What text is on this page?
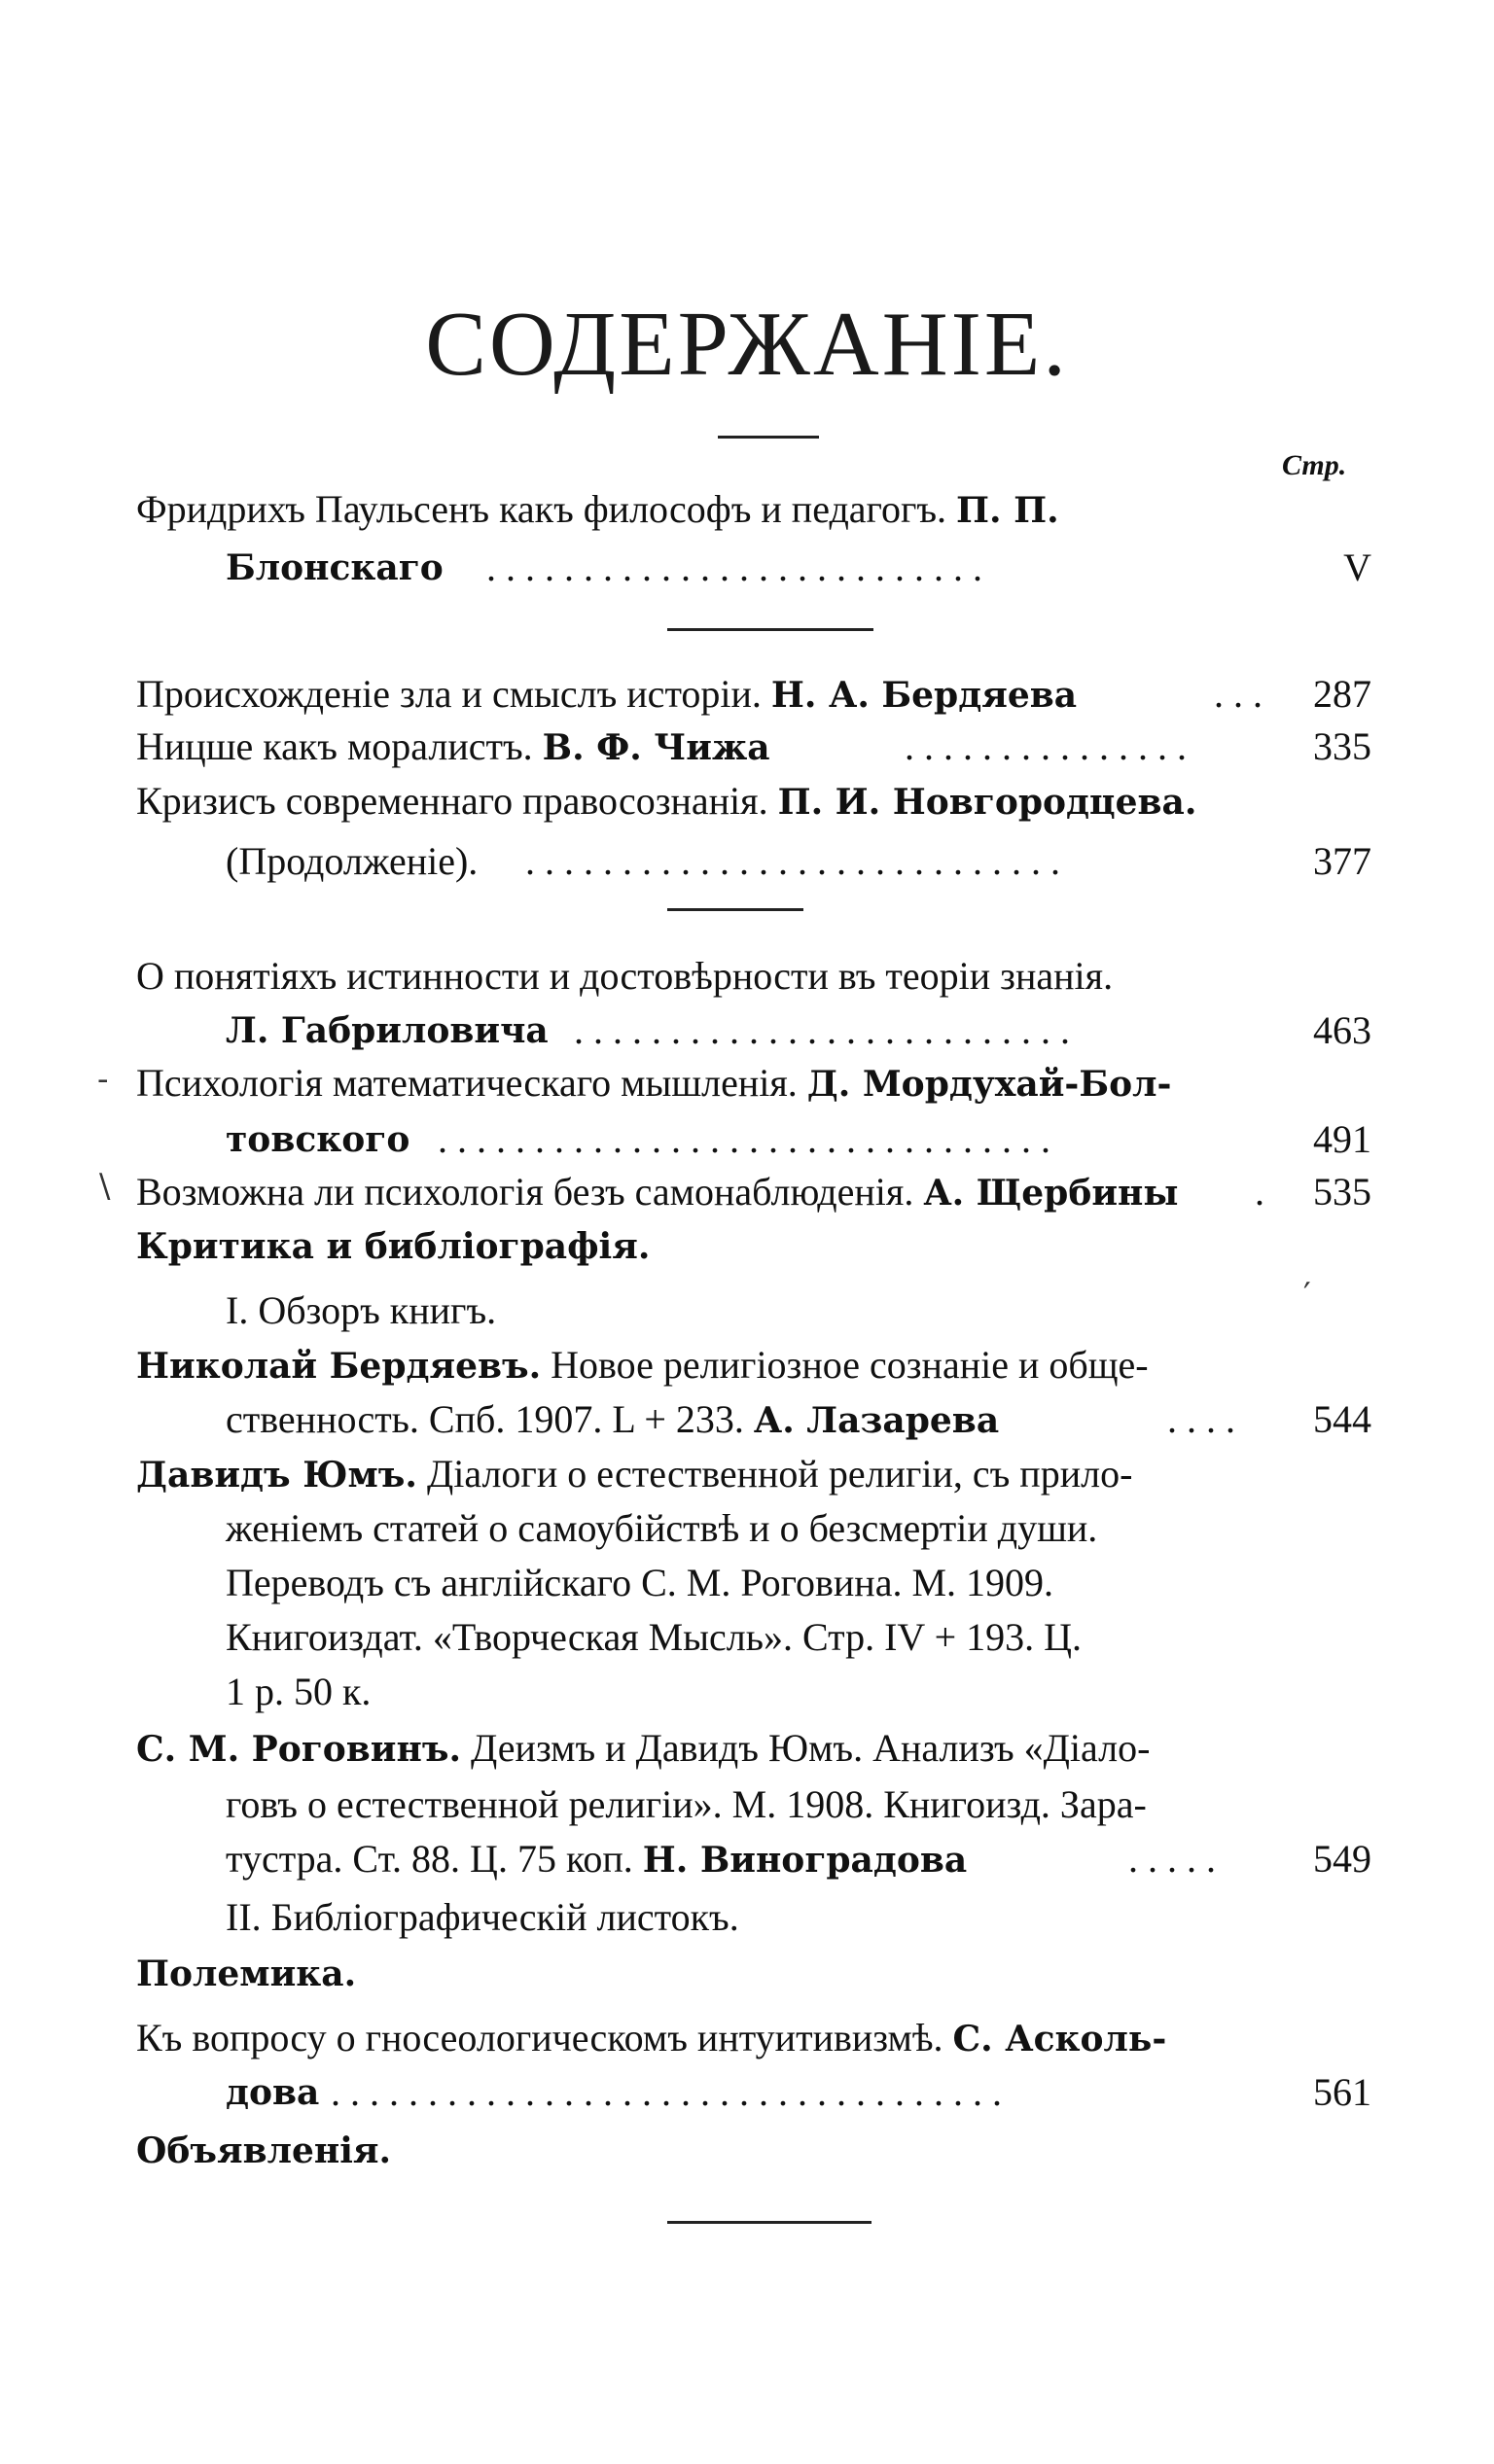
СОДЕРЖАНІЕ.
Стр.
Фридрихъ Паульсенъ какъ философъ и педагогъ. П. П.
Блонскаго . . . . . . . . . . . . . . . . . . . . . . . . . .	V
Происхожденіе зла и смыслъ исторіи. Н. А. Бердяева	. . . 287
Ницше какъ моралистъ. В. Ф. Чижа	. . . . . . . . . . . . . . .	335
Кризисъ современнаго правосознанія. П. И. Новгородцева.
(Продолженіе). . . . . . . . . . . . . . . . . . . . . . . . . . . . .	377
О понятіяхъ истинности и достовѣрности въ теоріи знанія.
Л. Габриловича . . . . . . . . . . . . . . . . . . . . . . . . . .	463
- Психологія математическаго мышленія. Д. Мордухай-Бол-
товского . . . . . . . . . . . . . . . . . . . . . . . . . . . . . . . .	491
\ Возможна ли психологія безъ самонаблюденія. А. Щербины . 535
Критика и библіографія.
I. Обзоръ книгъ.	′
Николай Бердяевъ. Новое религіозное сознаніе и обще-
ственность. Спб. 1907. L + 233. А. Лазарева	. . . .	544
Давидъ Юмъ. Діалоги о естественной религіи, съ прило-
женіемъ статей о самоубійствѣ и о безсмертіи души.
Переводъ съ англійскаго С. М. Роговина. М. 1909.
Книгоиздат. «Творческая Мысль». Стр. IV + 193. Ц.
1 р. 50 к.
С. М. Роговинъ. Деизмъ и Давидъ Юмъ. Анализъ «Діало-
говъ о естественной религіи». М. 1908. Книгоизд. Зара-
тустра. Ст. 88. Ц. 75 коп. Н. Виноградова	. . . . .	549
II. Библіографическій листокъ.
Полемика.
Къ вопросу о гносеологическомъ интуитивизмѣ. С. Асколь-
дова . . . . . . . . . . . . . . . . . . . . . . . . . . . . . . . . . . .	561
Объявленія.
